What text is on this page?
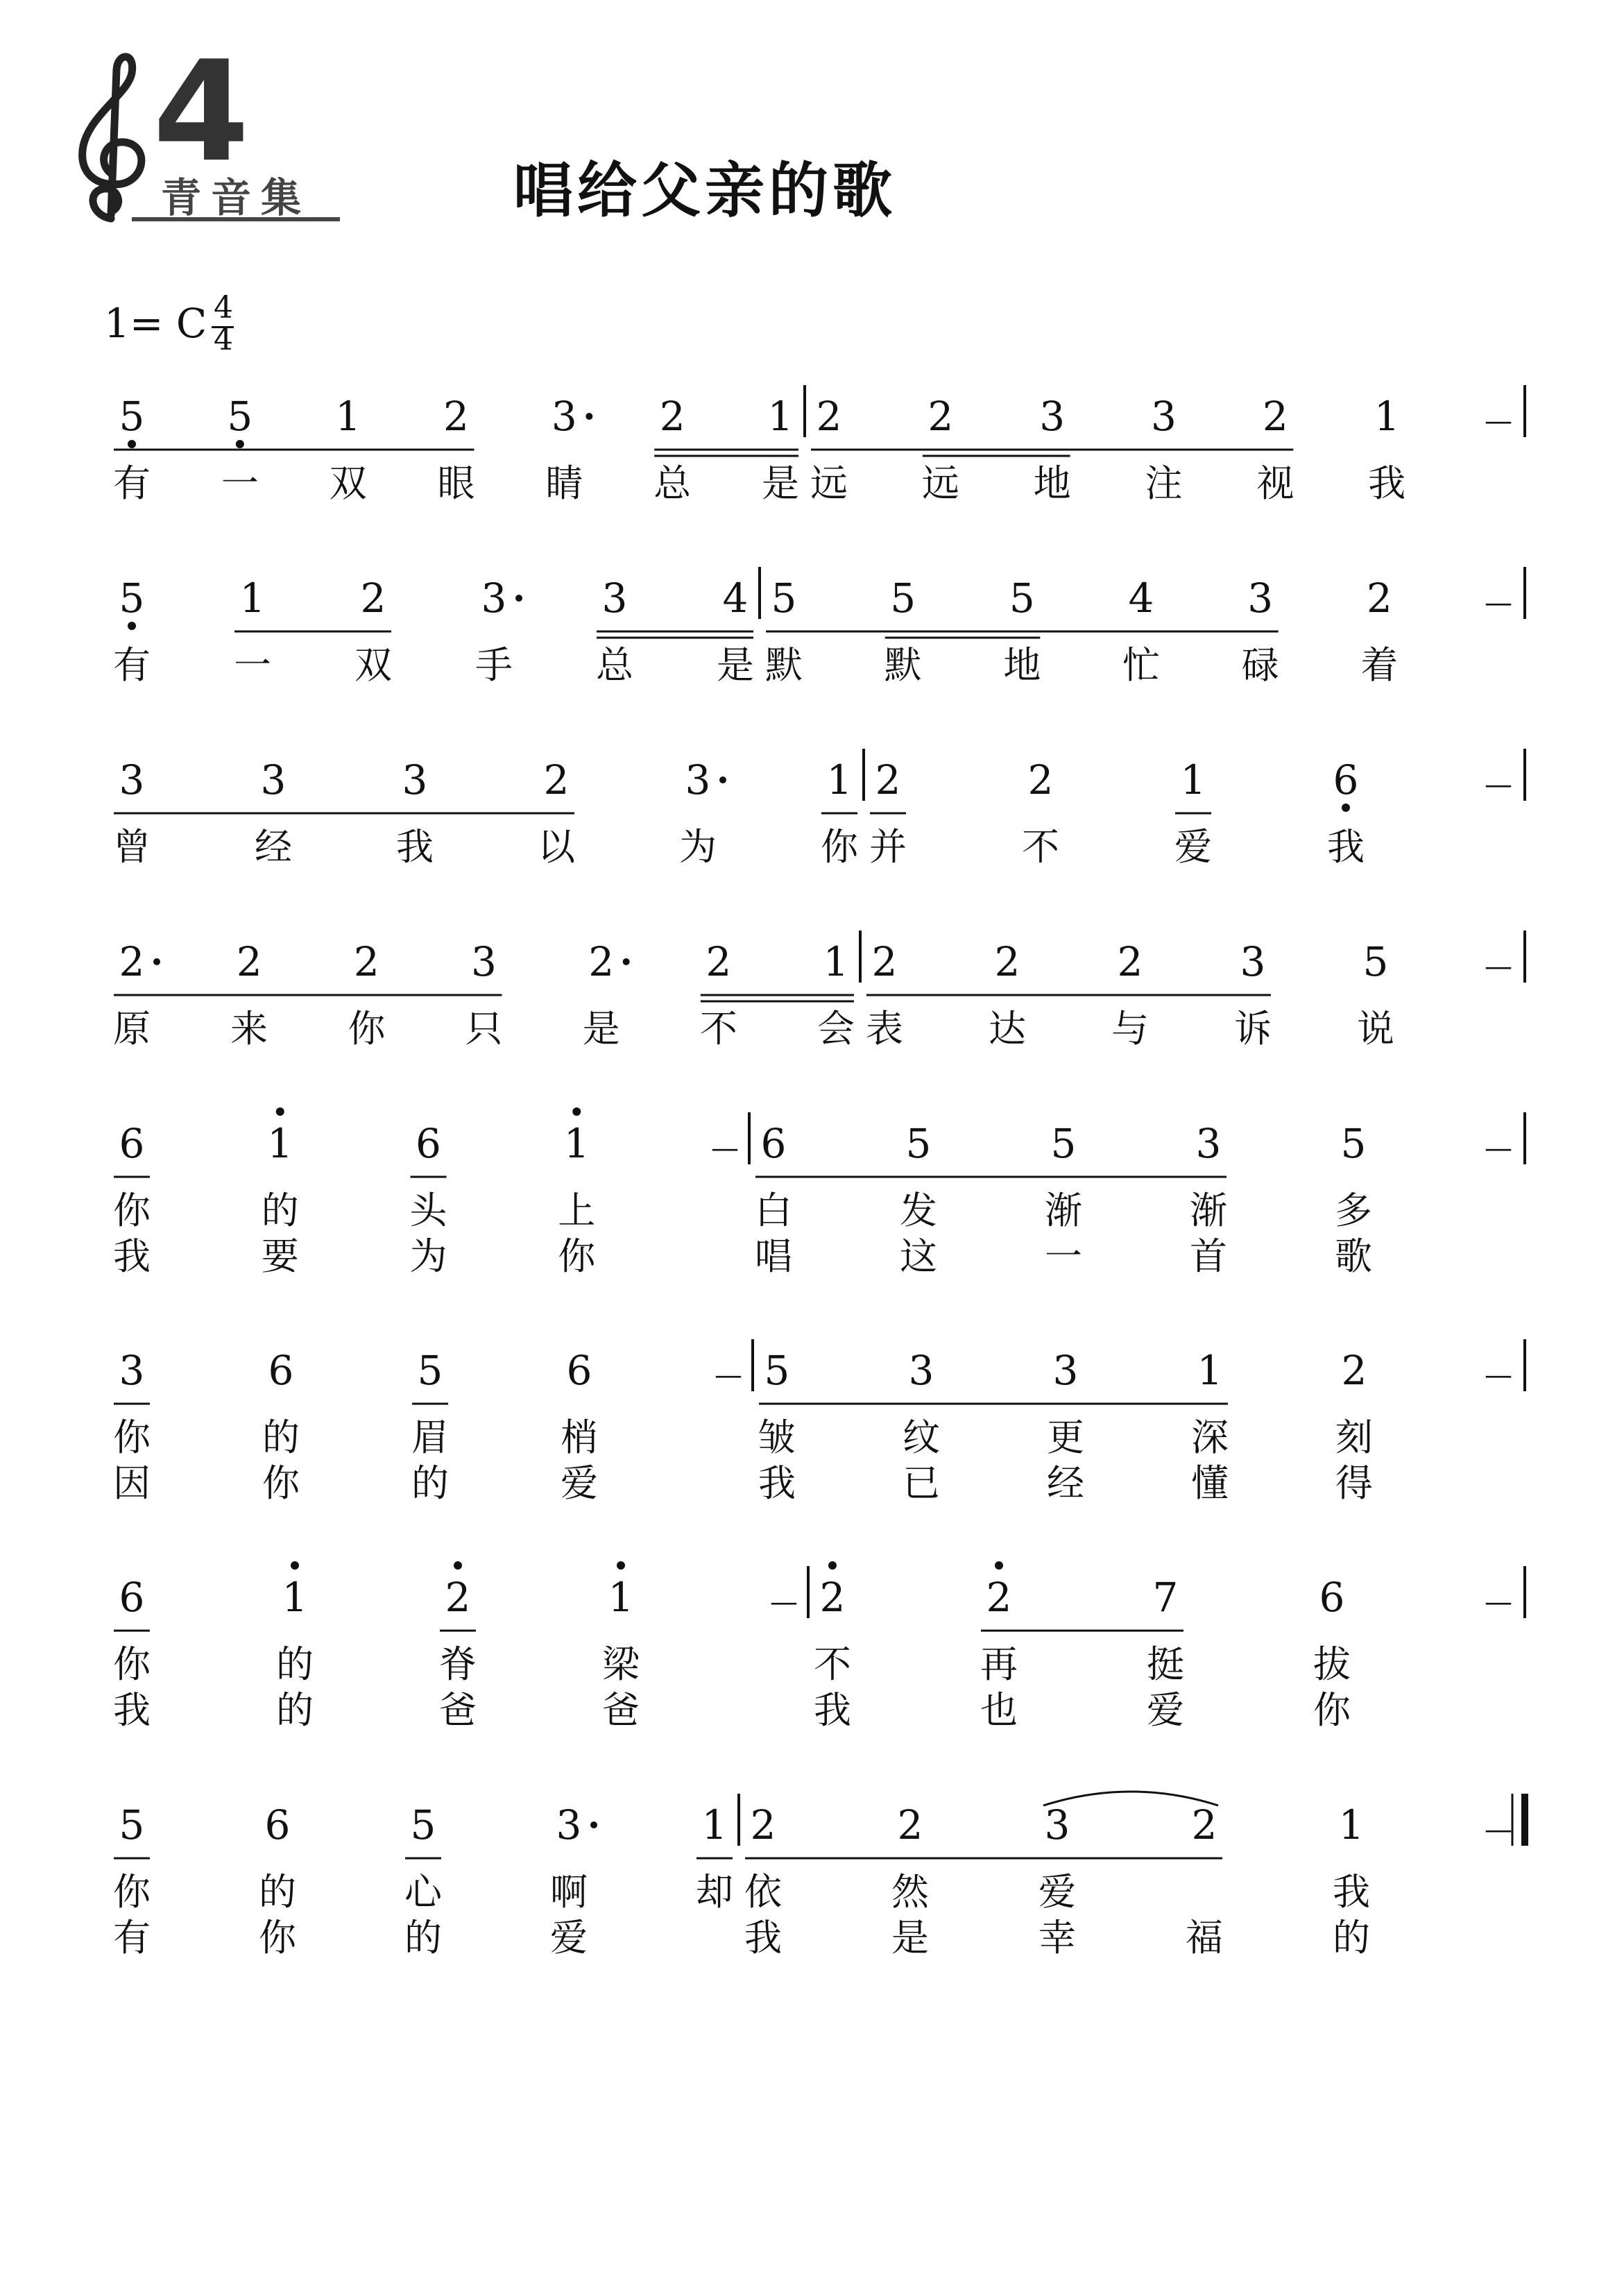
4
青音集	唱给父亲的歌
1= C 4
4
5 5 1 2 3 2 1
有 一 双 眼 睛 总 是
2 2 3 3 2 1	—
远 远 地 注 视 我
5 1 2 3 3 4
有 一 双 手 总 是
5 5 5 4 3 2	—
默 默 地 忙 碌 着
3	3	3	2	3	1
曾	经	我	以	为	你
2	2	1	6	—
并	不	爱	我
2 2 2 3 2 2 1
原 来 你 只 是 不 会
2 2 2 3 5	—
表 达 与 诉 说
6	1	6	1	—
你	的	头	上
我	要	为	你
6	5	5	3	5	—
白	发	渐	渐	多
唱	这	一	首	歌
3	6	5	6	—
你	的	眉	梢
因	你	的	爱
5	3	3	1	2	—
皱	纹	更	深	刻
我	已	经	懂	得
6	1	2	1	—
你	的	脊	梁
我	的	爸	爸
2	2	7	6	—
不	再	挺	拔
我	也	爱	你
5	6	5	3	1
你	的	心	啊	却
有	你	的	爱
2	2	3	2	1	—
依	然	爱	我
我	是	幸	福	的
